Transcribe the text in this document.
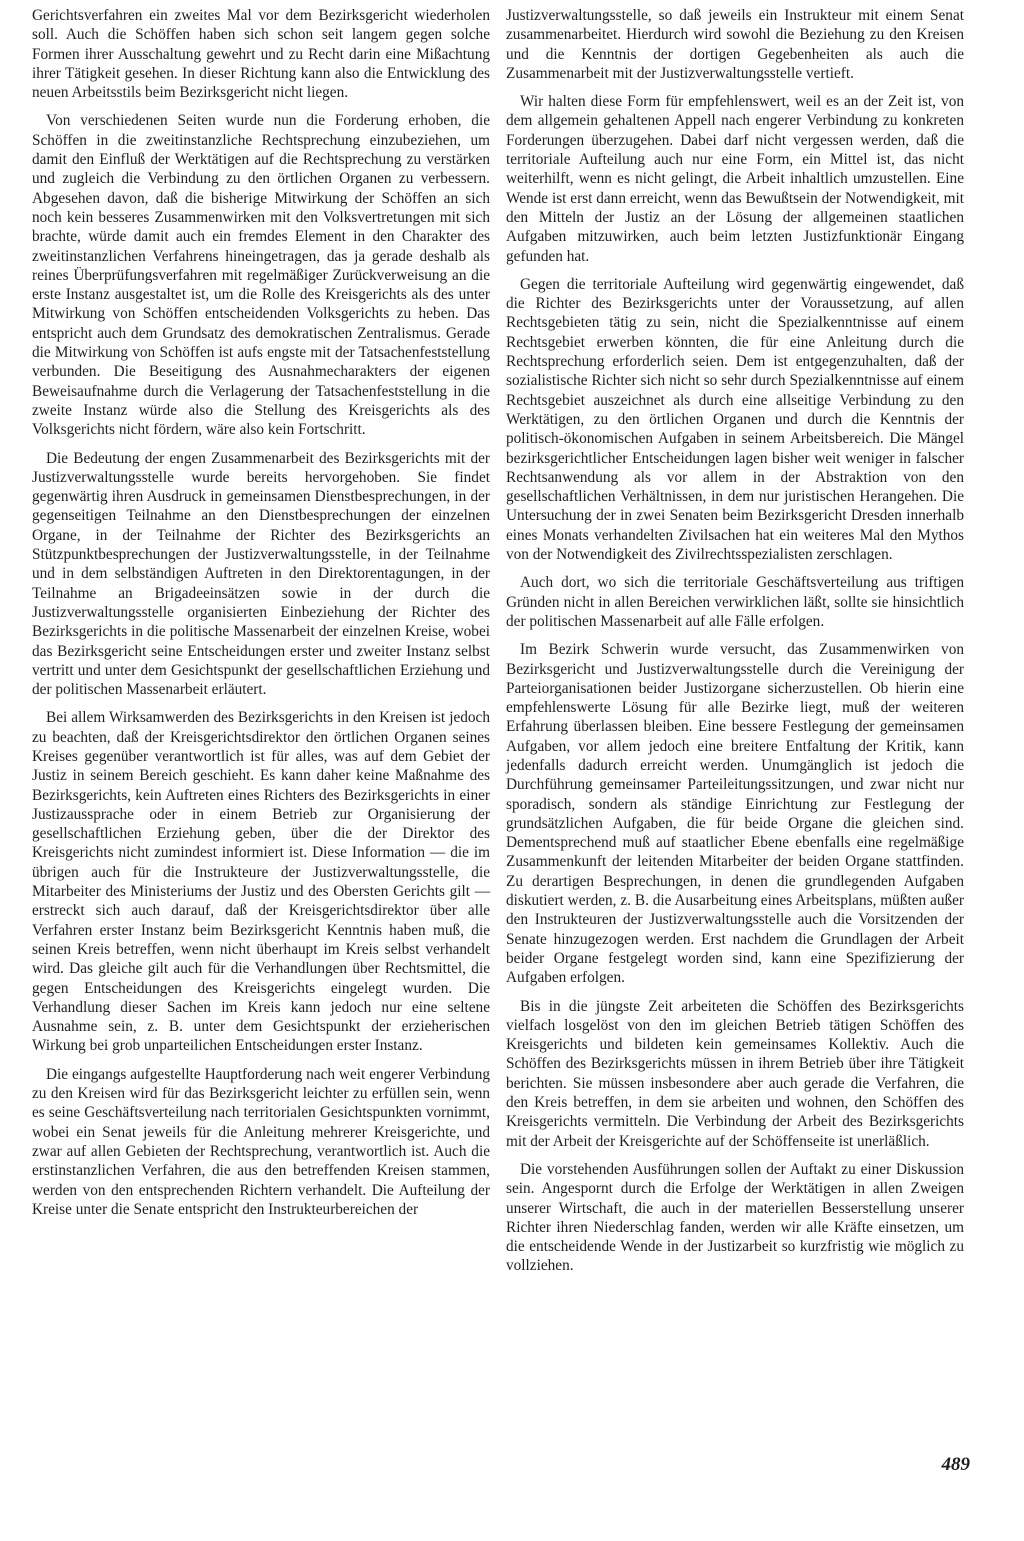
Gerichtsverfahren ein zweites Mal vor dem Bezirksgericht wiederholen soll. Auch die Schöffen haben sich schon seit langem gegen solche Formen ihrer Ausschaltung gewehrt und zu Recht darin eine Mißachtung ihrer Tätigkeit gesehen. In dieser Richtung kann also die Entwicklung des neuen Arbeitsstils beim Bezirksgericht nicht liegen.

Von verschiedenen Seiten wurde nun die Forderung erhoben, die Schöffen in die zweitinstanzliche Rechtsprechung einzubeziehen, um damit den Einfluß der Werktätigen auf die Rechtsprechung zu verstärken und zugleich die Verbindung zu den örtlichen Organen zu verbessern. Abgesehen davon, daß die bisherige Mitwirkung der Schöffen an sich noch kein besseres Zusammenwirken mit den Volksvertretungen mit sich brachte, würde damit auch ein fremdes Element in den Charakter des zweitinstanzlichen Verfahrens hineingetragen, das ja gerade deshalb als reines Überprüfungsverfahren mit regelmäßiger Zurückverweisung an die erste Instanz ausgestaltet ist, um die Rolle des Kreisgerichts als des unter Mitwirkung von Schöffen entscheidenden Volksgerichts zu heben. Das entspricht auch dem Grundsatz des demokratischen Zentralismus. Gerade die Mitwirkung von Schöffen ist aufs engste mit der Tatsachenfeststellung verbunden. Die Beseitigung des Ausnahmecharakters der eigenen Beweisaufnahme durch die Verlagerung der Tatsachenfeststellung in die zweite Instanz würde also die Stellung des Kreisgerichts als des Volksgerichts nicht fördern, wäre also kein Fortschritt.

Die Bedeutung der engen Zusammenarbeit des Bezirksgerichts mit der Justizverwaltungsstelle wurde bereits hervorgehoben. Sie findet gegenwärtig ihren Ausdruck in gemeinsamen Dienstbesprechungen, in der gegenseitigen Teilnahme an den Dienstbesprechungen der einzelnen Organe, in der Teilnahme der Richter des Bezirksgerichts an Stützpunktbesprechungen der Justizverwaltungsstelle, in der Teilnahme und in dem selbständigen Auftreten in den Direktorentagungen, in der Teilnahme an Brigadeeinsätzen sowie in der durch die Justizverwaltungsstelle organisierten Einbeziehung der Richter des Bezirksgerichts in die politische Massenarbeit der einzelnen Kreise, wobei das Bezirksgericht seine Entscheidungen erster und zweiter Instanz selbst vertritt und unter dem Gesichtspunkt der gesellschaftlichen Erziehung und der politischen Massenarbeit erläutert.

Bei allem Wirksamwerden des Bezirksgerichts in den Kreisen ist jedoch zu beachten, daß der Kreisgerichtsdirektor den örtlichen Organen seines Kreises gegenüber verantwortlich ist für alles, was auf dem Gebiet der Justiz in seinem Bereich geschieht. Es kann daher keine Maßnahme des Bezirksgerichts, kein Auftreten eines Richters des Bezirksgerichts in einer Justizaussprache oder in einem Betrieb zur Organisierung der gesellschaftlichen Erziehung geben, über die der Direktor des Kreisgerichts nicht zumindest informiert ist. Diese Information — die im übrigen auch für die Instrukteure der Justizverwaltungsstelle, die Mitarbeiter des Ministeriums der Justiz und des Obersten Gerichts gilt — erstreckt sich auch darauf, daß der Kreisgerichtsdirektor über alle Verfahren erster Instanz beim Bezirksgericht Kenntnis haben muß, die seinen Kreis betreffen, wenn nicht überhaupt im Kreis selbst verhandelt wird. Das gleiche gilt auch für die Verhandlungen über Rechtsmittel, die gegen Entscheidungen des Kreisgerichts eingelegt wurden. Die Verhandlung dieser Sachen im Kreis kann jedoch nur eine seltene Ausnahme sein, z. B. unter dem Gesichtspunkt der erzieherischen Wirkung bei grob unparteilichen Entscheidungen erster Instanz.

Die eingangs aufgestellte Hauptforderung nach weit engerer Verbindung zu den Kreisen wird für das Bezirksgericht leichter zu erfüllen sein, wenn es seine Geschäftsverteilung nach territorialen Gesichtspunkten vornimmt, wobei ein Senat jeweils für die Anleitung mehrerer Kreisgerichte, und zwar auf allen Gebieten der Rechtsprechung, verantwortlich ist. Auch die erstinstanzlichen Verfahren, die aus den betreffenden Kreisen stammen, werden von den entsprechenden Richtern verhandelt. Die Aufteilung der Kreise unter die Senate entspricht den Instrukteurbereichen der

Justizverwaltungsstelle, so daß jeweils ein Instrukteur mit einem Senat zusammenarbeitet. Hierdurch wird sowohl die Beziehung zu den Kreisen und die Kenntnis der dortigen Gegebenheiten als auch die Zusammenarbeit mit der Justizverwaltungsstelle vertieft.

Wir halten diese Form für empfehlenswert, weil es an der Zeit ist, von dem allgemein gehaltenen Appell nach engerer Verbindung zu konkreten Forderungen überzugehen. Dabei darf nicht vergessen werden, daß die territoriale Aufteilung auch nur eine Form, ein Mittel ist, das nicht weiterhilft, wenn es nicht gelingt, die Arbeit inhaltlich umzustellen. Eine Wende ist erst dann erreicht, wenn das Bewußtsein der Notwendigkeit, mit den Mitteln der Justiz an der Lösung der allgemeinen staatlichen Aufgaben mitzuwirken, auch beim letzten Justizfunktionär Eingang gefunden hat.

Gegen die territoriale Aufteilung wird gegenwärtig eingewendet, daß die Richter des Bezirksgerichts unter der Voraussetzung, auf allen Rechtsgebieten tätig zu sein, nicht die Spezialkenntnisse auf einem Rechtsgebiet erwerben könnten, die für eine Anleitung durch die Rechtsprechung erforderlich seien. Dem ist entgegenzuhalten, daß der sozialistische Richter sich nicht so sehr durch Spezialkenntnisse auf einem Rechtsgebiet auszeichnet als durch eine allseitige Verbindung zu den Werktätigen, zu den örtlichen Organen und durch die Kenntnis der politisch-ökonomischen Aufgaben in seinem Arbeitsbereich. Die Mängel bezirksgerichtlicher Entscheidungen lagen bisher weit weniger in falscher Rechtsanwendung als vor allem in der Abstraktion von den gesellschaftlichen Verhältnissen, in dem nur juristischen Herangehen. Die Untersuchung der in zwei Senaten beim Bezirksgericht Dresden innerhalb eines Monats verhandelten Zivilsachen hat ein weiteres Mal den Mythos von der Notwendigkeit des Zivilrechtsspezialisten zerschlagen.

Auch dort, wo sich die territoriale Geschäftsverteilung aus triftigen Gründen nicht in allen Bereichen verwirklichen läßt, sollte sie hinsichtlich der politischen Massenarbeit auf alle Fälle erfolgen.

Im Bezirk Schwerin wurde versucht, das Zusammenwirken von Bezirksgericht und Justizverwaltungsstelle durch die Vereinigung der Parteiorganisationen beider Justizorgane sicherzustellen. Ob hierin eine empfehlenswerte Lösung für alle Bezirke liegt, muß der weiteren Erfahrung überlassen bleiben. Eine bessere Festlegung der gemeinsamen Aufgaben, vor allem jedoch eine breitere Entfaltung der Kritik, kann jedenfalls dadurch erreicht werden. Unumgänglich ist jedoch die Durchführung gemeinsamer Parteileitungssitzungen, und zwar nicht nur sporadisch, sondern als ständige Einrichtung zur Festlegung der grundsätzlichen Aufgaben, die für beide Organe die gleichen sind. Dementsprechend muß auf staatlicher Ebene ebenfalls eine regelmäßige Zusammenkunft der leitenden Mitarbeiter der beiden Organe stattfinden. Zu derartigen Besprechungen, in denen die grundlegenden Aufgaben diskutiert werden, z. B. die Ausarbeitung eines Arbeitsplans, müßten außer den Instrukteuren der Justizverwaltungsstelle auch die Vorsitzenden der Senate hinzugezogen werden. Erst nachdem die Grundlagen der Arbeit beider Organe festgelegt worden sind, kann eine Spezifizierung der Aufgaben erfolgen.

Bis in die jüngste Zeit arbeiteten die Schöffen des Bezirksgerichts vielfach losgelöst von den im gleichen Betrieb tätigen Schöffen des Kreisgerichts und bildeten kein gemeinsames Kollektiv. Auch die Schöffen des Bezirksgerichts müssen in ihrem Betrieb über ihre Tätigkeit berichten. Sie müssen insbesondere aber auch gerade die Verfahren, die den Kreis betreffen, in dem sie arbeiten und wohnen, den Schöffen des Kreisgerichts vermitteln. Die Verbindung der Arbeit des Bezirksgerichts mit der Arbeit der Kreisgerichte auf der Schöffenseite ist unerläßlich.

Die vorstehenden Ausführungen sollen der Auftakt zu einer Diskussion sein. Angespornt durch die Erfolge der Werktätigen in allen Zweigen unserer Wirtschaft, die auch in der materiellen Besserstellung unserer Richter ihren Niederschlag fanden, werden wir alle Kräfte einsetzen, um die entscheidende Wende in der Justizarbeit so kurzfristig wie möglich zu vollziehen.

489
